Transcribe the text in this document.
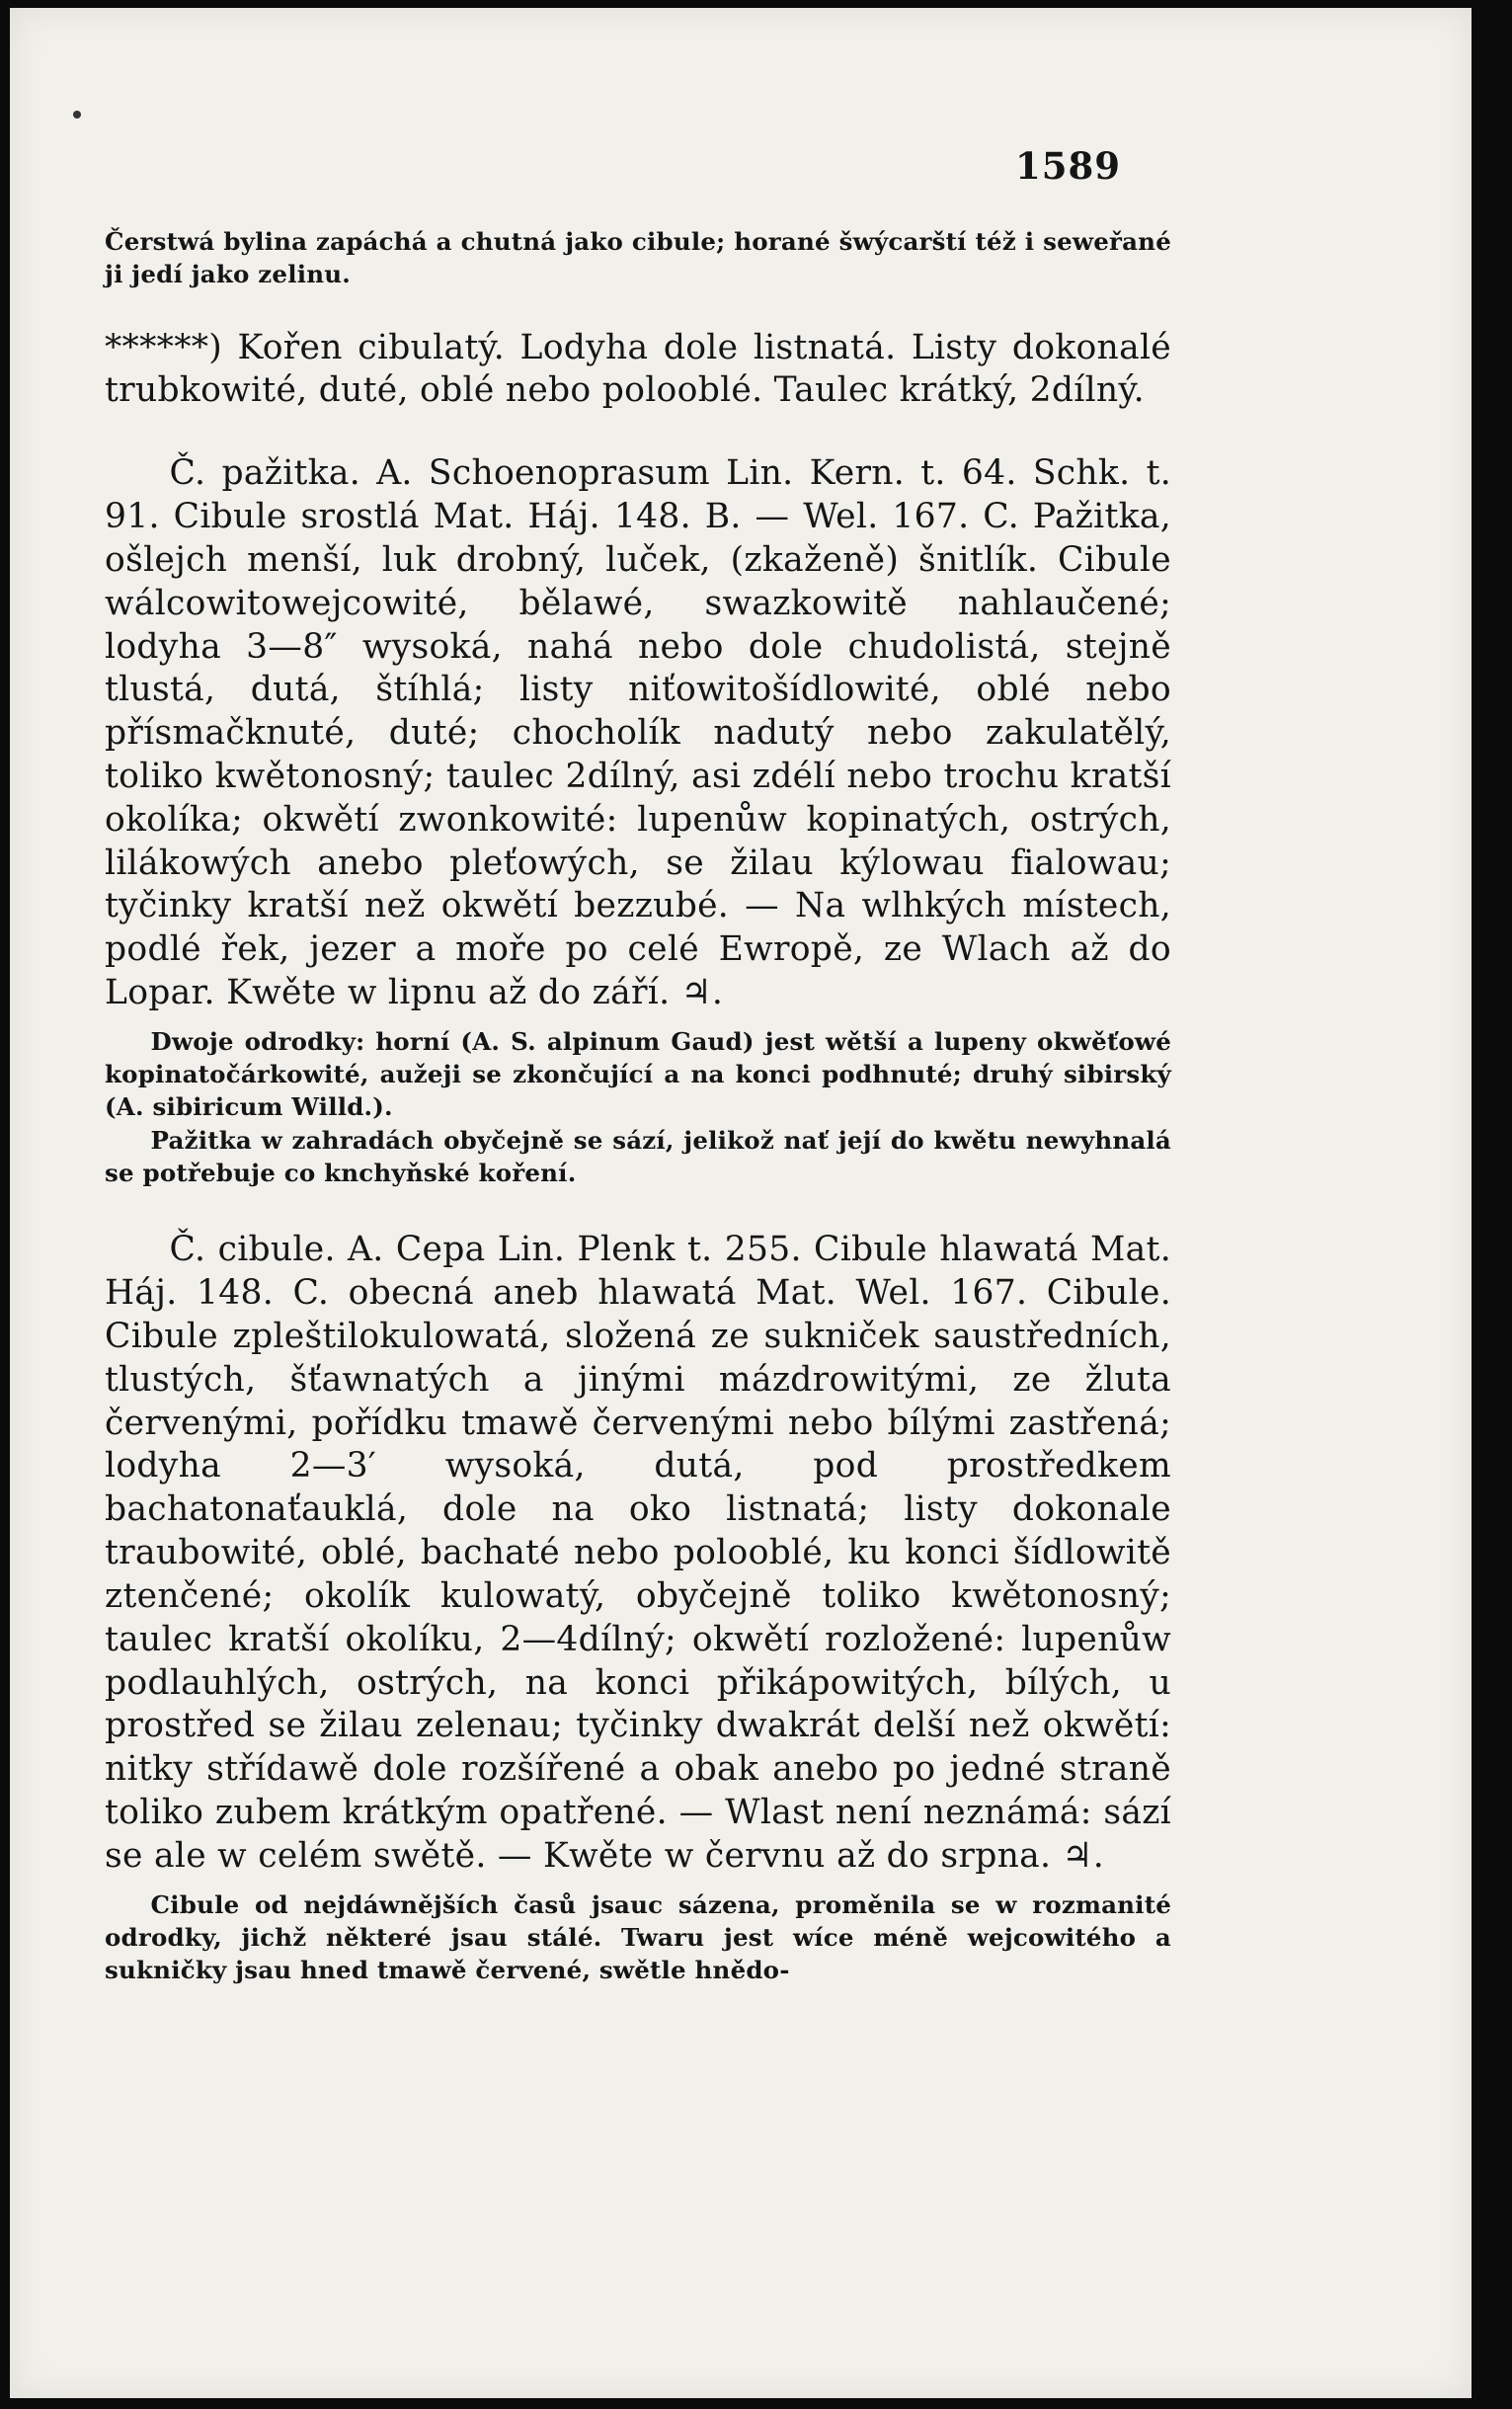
1589

Čerstwá bylina zapáchá a chutná jako cibule; horané šwýcarští též i seweřané ji jedí jako zelinu.

******) Kořen cibulatý. Lodyha dole listnatá. Listy dokonalé trubkowité, duté, oblé nebo polooblé. Taulec krátký, 2dílný.

Č. pažitka. A. Schoenoprasum Lin. Kern. t. 64. Schk. t. 91. Cibule srostlá Mat. Háj. 148. B. — Wel. 167. C. Pažitka, ošlejch menší, luk drobný, luček, (zkaženě) šnitlík. Cibule wálcowitowejcowité, bělawé, swazkowitě nahlaučené; lodyha 3—8″ wysoká, nahá nebo dole chudolistá, stejně tlustá, dutá, štíhlá; listy niťowitošídlowité, oblé nebo přísmačknuté, duté; chocholík nadutý nebo zakulatělý, toliko kwětonosný; taulec 2dílný, asi zdélí nebo trochu kratší okolíka; okwětí zwonkowité: lupenůw kopinatých, ostrých, lilákowých anebo pleťowých, se žilau kýlowau fialowau; tyčinky kratší než okwětí bezzubé. — Na wlhkých místech, podlé řek, jezer a moře po celé Ewropě, ze Wlach až do Lopar. Kwěte w lipnu až do září. ♃.

Dwoje odrodky: horní (A. S. alpinum Gaud) jest wětší a lupeny okwěťowé kopinatočárkowité, aužeji se zkončující a na konci podhnuté; druhý sibirský (A. sibiricum Willd.).

Pažitka w zahradách obyčejně se sází, jelikož nať její do kwětu newyhnalá se potřebuje co knchyňské koření.

Č. cibule. A. Cepa Lin. Plenk t. 255. Cibule hlawatá Mat. Háj. 148. C. obecná aneb hlawatá Mat. Wel. 167. Cibule. Cibule zpleštilokulowatá, složená ze sukniček saustředních, tlustých, šťawnatých a jinými mázdrowitými, ze žluta červenými, pořídku tmawě červenými nebo bílými zastřená; lodyha 2—3′ wysoká, dutá, pod prostředkem bachatonaťauklá, dole na oko listnatá; listy dokonale traubowité, oblé, bachaté nebo polooblé, ku konci šídlowitě ztenčené; okolík kulowatý, obyčejně toliko kwětonosný; taulec kratší okolíku, 2—4dílný; okwětí rozložené: lupenůw podlauhlých, ostrých, na konci přikápowitých, bílých, u prostřed se žilau zelenau; tyčinky dwakrát delší než okwětí: nitky střídawě dole rozšířené a obak anebo po jedné straně toliko zubem krátkým opatřené. — Wlast není neznámá: sází se ale w celém swětě. — Kwěte w červnu až do srpna. ♃.

Cibule od nejdáwnějších časů jsauc sázena, proměnila se w rozmanité odrodky, jichž některé jsau stálé. Twaru jest wíce méně wejcowitého a sukničky jsau hned tmawě červené, swětle hnědo-
